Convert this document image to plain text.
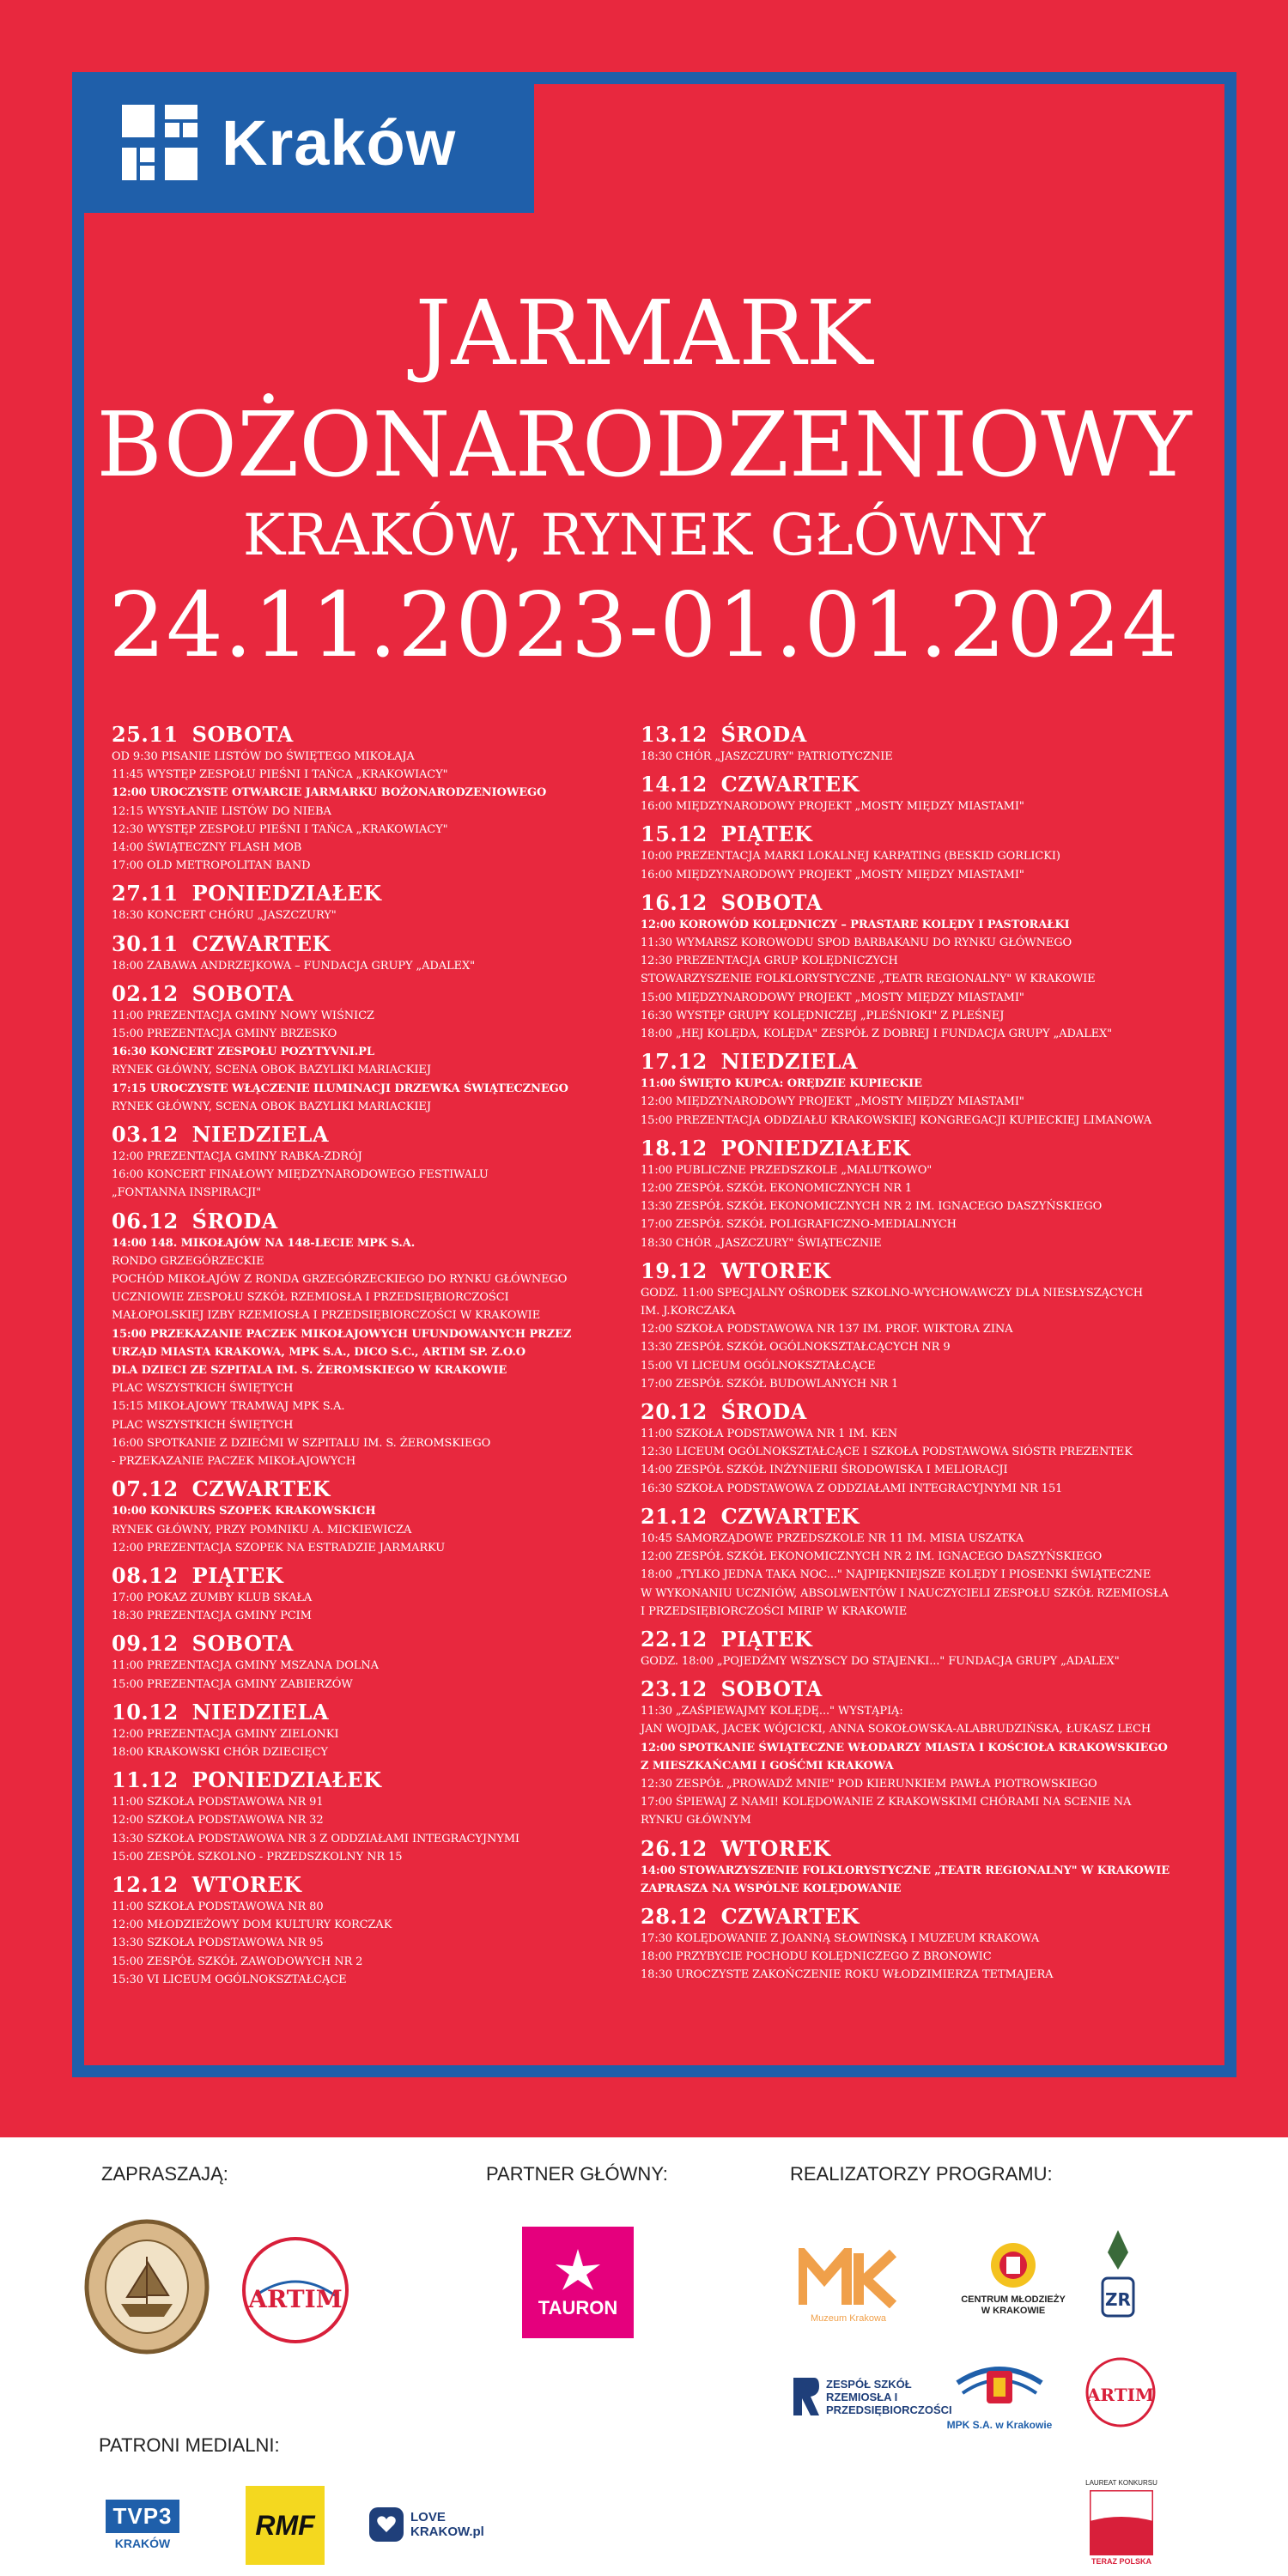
Kraków
JARMARK
BOŻONARODZENIOWY
KRAKÓW, RYNEK GŁÓWNY
24.11.2023-01.01.2024
25.11 SOBOTA
OD 9:30 PISANIE LISTÓW DO ŚWIĘTEGO MIKOŁAJA
11:45 WYSTĘP ZESPOŁU PIEŚNI I TAŃCA „KRAKOWIACY"
12:00 UROCZYSTE OTWARCIE JARMARKU BOŻONARODZENIOWEGO
12:15 WYSYŁANIE LISTÓW DO NIEBA
12:30 WYSTĘP ZESPOŁU PIEŚNI I TAŃCA „KRAKOWIACY"
14:00 ŚWIĄTECZNY FLASH MOB
17:00 OLD METROPOLITAN BAND
27.11 PONIEDZIAŁEK
18:30 KONCERT CHÓRU „JASZCZURY"
30.11 CZWARTEK
18:00 ZABAWA ANDRZEJKOWA – FUNDACJA GRUPY „ADALEX"
02.12 SOBOTA
11:00 PREZENTACJA GMINY NOWY WIŚNICZ
15:00 PREZENTACJA GMINY BRZESKO
16:30 KONCERT ZESPOŁU POZYTYVNI.PL
RYNEK GŁÓWNY, SCENA OBOK BAZYLIKI MARIACKIEJ
17:15 UROCZYSTE WŁĄCZENIE ILUMINACJI DRZEWKA ŚWIĄTECZNEGO
RYNEK GŁÓWNY, SCENA OBOK BAZYLIKI MARIACKIEJ
03.12 NIEDZIELA
12:00 PREZENTACJA GMINY RABKA-ZDRÓJ
16:00 KONCERT FINAŁOWY MIĘDZYNARODOWEGO FESTIWALU
„FONTANNA INSPIRACJI"
06.12 ŚRODA
14:00 148. MIKOŁAJÓW NA 148-LECIE MPK S.A.
RONDO GRZEGÓRZECKIE
POCHÓD MIKOŁAJÓW Z RONDA GRZEGÓRZECKIEGO DO RYNKU GŁÓWNEGO
UCZNIOWIE ZESPOŁU SZKÓŁ RZEMIOSŁA I PRZEDSIĘBIORCZOŚCI
MAŁOPOLSKIEJ IZBY RZEMIOSŁA I PRZEDSIĘBIORCZOŚCI W KRAKOWIE
15:00 PRZEKAZANIE PACZEK MIKOŁAJOWYCH UFUNDOWANYCH PRZEZ
URZĄD MIASTA KRAKOWA, MPK S.A., DICO S.C., ARTIM SP. Z.O.O
DLA DZIECI ZE SZPITALA IM. S. ŻEROMSKIEGO W KRAKOWIE
PLAC WSZYSTKICH ŚWIĘTYCH
15:15 MIKOŁAJOWY TRAMWAJ MPK S.A.
PLAC WSZYSTKICH ŚWIĘTYCH
16:00 SPOTKANIE Z DZIEĆMI W SZPITALU IM. S. ŻEROMSKIEGO
- PRZEKAZANIE PACZEK MIKOŁAJOWYCH
07.12 CZWARTEK
10:00 KONKURS SZOPEK KRAKOWSKICH
RYNEK GŁÓWNY, PRZY POMNIKU A. MICKIEWICZA
12:00 PREZENTACJA SZOPEK NA ESTRADZIE JARMARKU
08.12 PIĄTEK
17:00 POKAZ ZUMBY KLUB SKAŁA
18:30 PREZENTACJA GMINY PCIM
09.12 SOBOTA
11:00 PREZENTACJA GMINY MSZANA DOLNA
15:00 PREZENTACJA GMINY ZABIERZÓW
10.12 NIEDZIELA
12:00 PREZENTACJA GMINY ZIELONKI
18:00 KRAKOWSKI CHÓR DZIECIĘCY
11.12 PONIEDZIAŁEK
11:00 SZKOŁA PODSTAWOWA NR 91
12:00 SZKOŁA PODSTAWOWA NR 32
13:30 SZKOŁA PODSTAWOWA NR 3 Z ODDZIAŁAMI INTEGRACYJNYMI
15:00 ZESPÓŁ SZKOLNO - PRZEDSZKOLNY NR 15
12.12 WTOREK
11:00 SZKOŁA PODSTAWOWA NR 80
12:00 MŁODZIEŻOWY DOM KULTURY KORCZAK
13:30 SZKOŁA PODSTAWOWA NR 95
15:00 ZESPÓŁ SZKÓŁ ZAWODOWYCH NR 2
15:30 VI LICEUM OGÓLNOKSZTAŁCĄCE
13.12 ŚRODA
18:30 CHÓR „JASZCZURY" PATRIOTYCZNIE
14.12 CZWARTEK
16:00 MIĘDZYNARODOWY PROJEKT „MOSTY MIĘDZY MIASTAMI"
15.12 PIĄTEK
10:00 PREZENTACJA MARKI LOKALNEJ KARPATING (BESKID GORLICKI)
16:00 MIĘDZYNARODOWY PROJEKT „MOSTY MIĘDZY MIASTAMI"
16.12 SOBOTA
12:00 KOROWÓD KOLĘDNICZY – PRASTARE KOLĘDY I PASTORAŁKI
11:30 WYMARSZ KOROWODU SPOD BARBAKANU DO RYNKU GŁÓWNEGO
12:30 PREZENTACJA GRUP KOLĘDNICZYCH
STOWARZYSZENIE FOLKLORYSTYCZNE „TEATR REGIONALNY" W KRAKOWIE
15:00 MIĘDZYNARODOWY PROJEKT „MOSTY MIĘDZY MIASTAMI"
16:30 WYSTĘP GRUPY KOLĘDNICZEJ „PLEŚNIOKI" Z PLEŚNEJ
18:00 „HEJ KOLĘDA, KOLĘDA" ZESPÓŁ Z DOBREJ I FUNDACJA GRUPY „ADALEX"
17.12 NIEDZIELA
11:00 ŚWIĘTO KUPCA: ORĘDZIE KUPIECKIE
12:00 MIĘDZYNARODOWY PROJEKT „MOSTY MIĘDZY MIASTAMI"
15:00 PREZENTACJA ODDZIAŁU KRAKOWSKIEJ KONGREGACJI KUPIECKIEJ LIMANOWA
18.12 PONIEDZIAŁEK
11:00 PUBLICZNE PRZEDSZKOLE „MALUTKOWO"
12:00 ZESPÓŁ SZKÓŁ EKONOMICZNYCH NR 1
13:30 ZESPÓŁ SZKÓŁ EKONOMICZNYCH NR 2 IM. IGNACEGO DASZYŃSKIEGO
17:00 ZESPÓŁ SZKÓŁ POLIGRAFICZNO-MEDIALNYCH
18:30 CHÓR „JASZCZURY" ŚWIĄTECZNIE
19.12 WTOREK
GODZ. 11:00 SPECJALNY OŚRODEK SZKOLNO-WYCHOWAWCZY DLA NIESŁYSZĄCYCH
IM. J.KORCZAKA
12:00 SZKOŁA PODSTAWOWA NR 137 IM. PROF. WIKTORA ZINA
13:30 ZESPÓŁ SZKÓŁ OGÓLNOKSZTAŁCĄCYCH NR 9
15:00 VI LICEUM OGÓLNOKSZTAŁCĄCE
17:00 ZESPÓŁ SZKÓŁ BUDOWLANYCH NR 1
20.12 ŚRODA
11:00 SZKOŁA PODSTAWOWA NR 1 IM. KEN
12:30 LICEUM OGÓLNOKSZTAŁCĄCE I SZKOŁA PODSTAWOWA SIÓSTR PREZENTEK
14:00 ZESPÓŁ SZKÓŁ INŻYNIERII ŚRODOWISKA I MELIORACJI
16:30 SZKOŁA PODSTAWOWA Z ODDZIAŁAMI INTEGRACYJNYMI NR 151
21.12 CZWARTEK
10:45 SAMORZĄDOWE PRZEDSZKOLE NR 11 IM. MISIA USZATKA
12:00 ZESPÓŁ SZKÓŁ EKONOMICZNYCH NR 2 IM. IGNACEGO DASZYŃSKIEGO
18:00 „TYLKO JEDNA TAKA NOC..." NAJPIĘKNIEJSZE KOLĘDY I PIOSENKI ŚWIĄTECZNE
W WYKONANIU UCZNIÓW, ABSOLWENTÓW I NAUCZYCIELI ZESPOŁU SZKÓŁ RZEMIOSŁA
I PRZEDSIĘBIORCZOŚCI MIRIP W KRAKOWIE
22.12 PIĄTEK
GODZ. 18:00 „POJEDŹMY WSZYSCY DO STAJENKI..." FUNDACJA GRUPY „ADALEX"
23.12 SOBOTA
11:30 „ZAŚPIEWAJMY KOLĘDĘ..." WYSTĄPIĄ:
JAN WOJDAK, JACEK WÓJCICKI, ANNA SOKOŁOWSKA-ALABRUDZIŃSKA, ŁUKASZ LECH
12:00 SPOTKANIE ŚWIĄTECZNE WŁODARZY MIASTA I KOŚCIOŁA KRAKOWSKIEGO
Z MIESZKAŃCAMI I GOŚĆMI KRAKOWA
12:30 ZESPÓŁ „PROWADŹ MNIE" POD KIERUNKIEM PAWŁA PIOTROWSKIEGO
17:00 ŚPIEWAJ Z NAMI! KOLĘDOWANIE Z KRAKOWSKIMI CHÓRAMI NA SCENIE NA
RYNKU GŁÓWNYM
26.12 WTOREK
14:00 STOWARZYSZENIE FOLKLORYSTYCZNE „TEATR REGIONALNY" W KRAKOWIE
ZAPRASZA NA WSPÓLNE KOLĘDOWANIE
28.12 CZWARTEK
17:30 KOLĘDOWANIE Z JOANNĄ SŁOWIŃSKĄ I MUZEUM KRAKOWA
18:00 PRZYBYCIE POCHODU KOLĘDNICZEGO Z BRONOWIC
18:30 UROCZYSTE ZAKOŃCZENIE ROKU WŁODZIMIERZA TETMAJERA
ZAPRASZAJĄ:	PARTNER GŁÓWNY:	REALIZATORZY PROGRAMU:
PATRONI MEDIALNI:
ARTIM	TAURON	Muzeum Krakowa
CENTRUM MŁODZIEŻY W KRAKOWIE
ZR
ZESPÓŁ SZKÓŁ RZEMIOSŁA I PRZEDSIĘBIORCZOŚCI
MPK S.A. w Krakowie
ARTIM
TVP3
KRAKÓW
RMF	LOVE KRAKOW.pl
LAUREAT KONKURSU
TERAZ POLSKA
